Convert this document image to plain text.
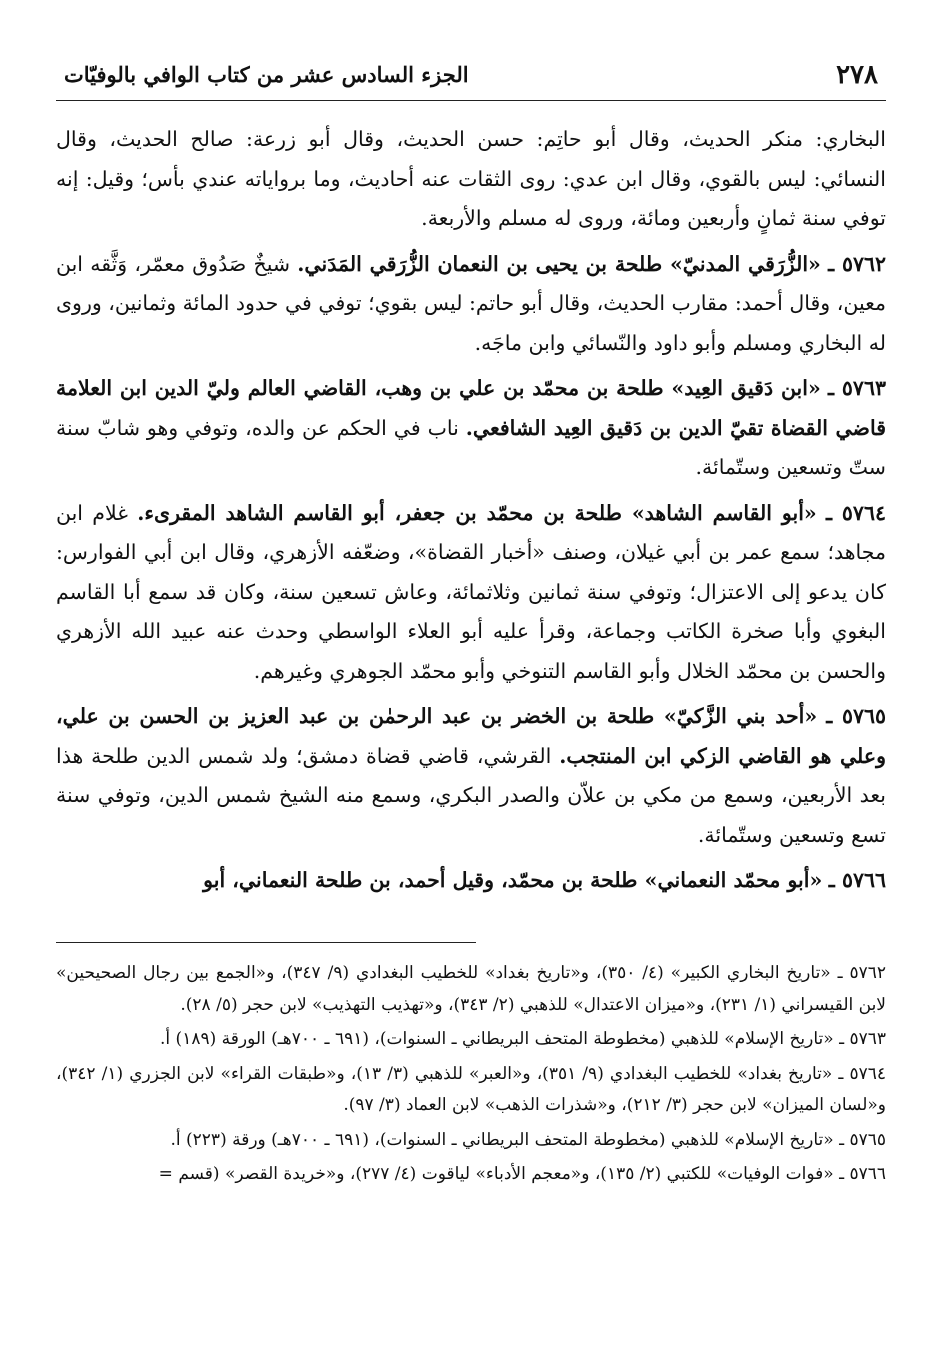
٢٧٨
الجزء السادس عشر من كتاب الوافي بالوفيّات

البخاري: منكر الحديث، وقال أبو حاتِم: حسن الحديث، وقال أبو زرعة: صالح الحديث، وقال النسائي: ليس بالقوي، وقال ابن عدي: روى الثقات عنه أحاديث، وما برواياته عندي بأس؛ وقيل: إنه توفي سنة ثمانٍ وأربعين ومائة، وروى له مسلم والأربعة.

٥٧٦٢ ـ «الزُّرَقي المدنيّ» طلحة بن يحيى بن النعمان الزُّرَقي المَدَني. شيخٌ صَدُوق معمّر، وَثَّقه ابن معين، وقال أحمد: مقارب الحديث، وقال أبو حاتم: ليس بقوي؛ توفي في حدود المائة وثمانين، وروى له البخاري ومسلم وأبو داود والنّسائي وابن ماجَه.

٥٧٦٣ ـ «ابن دَقيق العِيد» طلحة بن محمّد بن علي بن وهب، القاضي العالم وليّ الدين ابن العلامة قاضي القضاة تقيّ الدين بن دَقيق العِيد الشافعي. ناب في الحكم عن والده، وتوفي وهو شابّ سنة ستّ وتسعين وستّمائة.

٥٧٦٤ ـ «أبو القاسم الشاهد» طلحة بن محمّد بن جعفر، أبو القاسم الشاهد المقرىء. غلام ابن مجاهد؛ سمع عمر بن أبي غيلان، وصنف «أخبار القضاة»، وضعّفه الأزهري، وقال ابن أبي الفوارس: كان يدعو إلى الاعتزال؛ وتوفي سنة ثمانين وثلاثمائة، وعاش تسعين سنة، وكان قد سمع أبا القاسم البغوي وأبا صخرة الكاتب وجماعة، وقرأ عليه أبو العلاء الواسطي وحدث عنه عبيد الله الأزهري والحسن بن محمّد الخلال وأبو القاسم التنوخي وأبو محمّد الجوهري وغيرهم.

٥٧٦٥ ـ «أحد بني الزَّكيّ» طلحة بن الخضر بن عبد الرحمٰن بن عبد العزيز بن الحسن بن علي، وعلي هو القاضي الزكي ابن المنتجب. القرشي، قاضي قضاة دمشق؛ ولد شمس الدين طلحة هذا بعد الأربعين، وسمع من مكي بن علاّن والصدر البكري، وسمع منه الشيخ شمس الدين، وتوفي سنة تسع وتسعين وستّمائة.

٥٧٦٦ ـ «أبو محمّد النعماني» طلحة بن محمّد، وقيل أحمد، بن طلحة النعماني، أبو

٥٧٦٢ ـ «تاريخ البخاري الكبير» (٤/ ٣٥٠)، و«تاريخ بغداد» للخطيب البغدادي (٩/ ٣٤٧)، و«الجمع بين رجال الصحيحين» لابن القيسراني (١/ ٢٣١)، و«ميزان الاعتدال» للذهبي (٢/ ٣٤٣)، و«تهذيب التهذيب» لابن حجر (٥/ ٢٨).

٥٧٦٣ ـ «تاريخ الإسلام» للذهبي (مخطوطة المتحف البريطاني ـ السنوات)، (٦٩١ ـ ٧٠٠هـ) الورقة (١٨٩) أ.

٥٧٦٤ ـ «تاريخ بغداد» للخطيب البغدادي (٩/ ٣٥١)، و«العبر» للذهبي (٣/ ١٣)، و«طبقات القراء» لابن الجزري (١/ ٣٤٢)، و«لسان الميزان» لابن حجر (٣/ ٢١٢)، و«شذرات الذهب» لابن العماد (٣/ ٩٧).

٥٧٦٥ ـ «تاريخ الإسلام» للذهبي (مخطوطة المتحف البريطاني ـ السنوات)، (٦٩١ ـ ٧٠٠هـ) ورقة (٢٢٣) أ.

٥٧٦٦ ـ «فوات الوفيات» للكتبي (٢/ ١٣٥)، و«معجم الأدباء» لياقوت (٤/ ٢٧٧)، و«خريدة القصر» (قسم =
